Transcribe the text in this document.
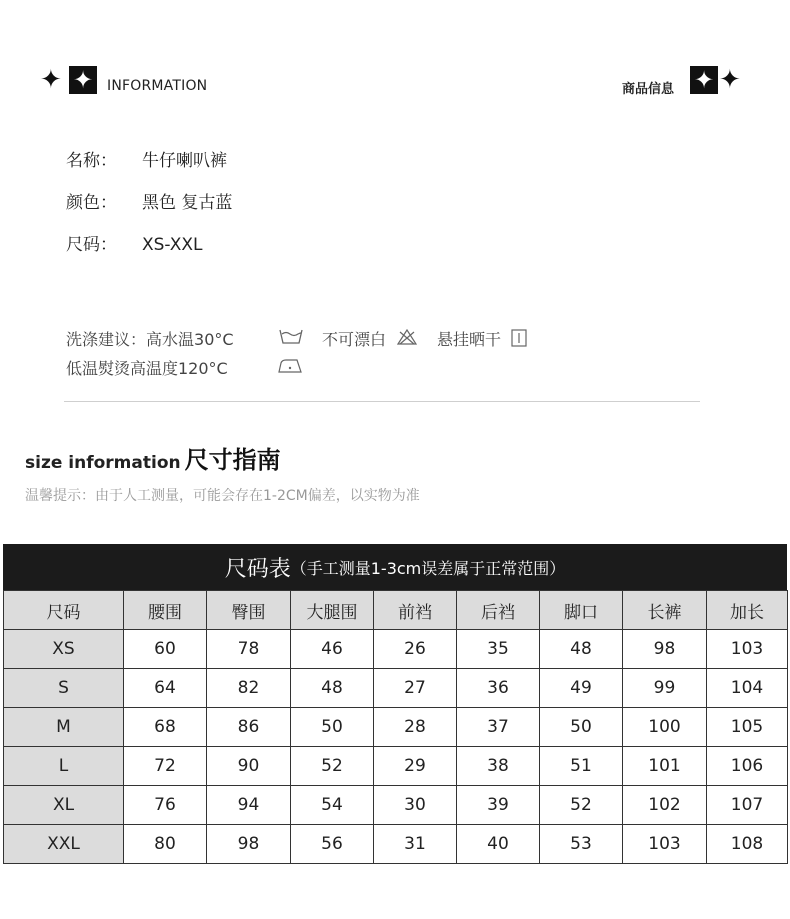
✦ ✦ INFORMATION	商品信息 ✦ ✦
名称： 牛仔喇叭裤
颜色： 黑色 复古蓝
尺码： XS-XXL
洗涤建议：高水温30°C	不可漂白	悬挂晒干
低温熨烫高温度120°C
size information 尺寸指南
温馨提示：由于人工测量，可能会存在1-2CM偏差，以实物为准
尺码表 （手工测量1-3cm误差属于正常范围）
尺码	腰围	臀围	大腿围	前裆	后裆	脚口	长裤	加长
XS	60	78	46	26	35	48	98	103
S	64	82	48	27	36	49	99	104
M	68	86	50	28	37	50	100	105
L	72	90	52	29	38	51	101	106
XL	76	94	54	30	39	52	102	107
XXL	80	98	56	31	40	53	103	108
